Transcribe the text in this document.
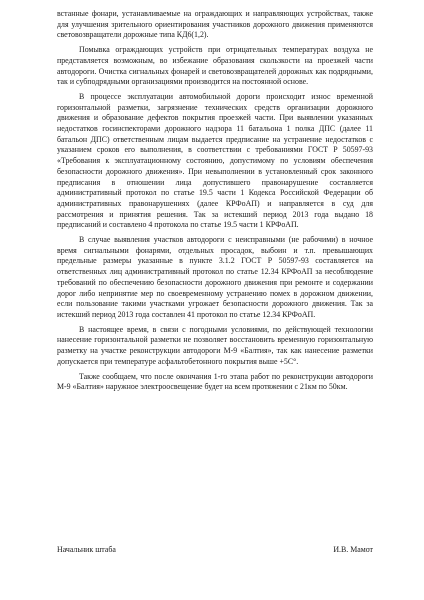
встанные фонари, устанавливаемые на ограждающих и направляющих устройствах, также для улучшения зрительного ориентирования участников дорожного движения применяются световозвращатели дорожные типа КД6(1,2).

Помывка ограждающих устройств при отрицательных температурах воздуха не представляется возможным, во избежание образования скользкости на проезжей части автодороги. Очистка сигнальных фонарей и световозвращателей дорожных как подрядными, так и субподрядными организациями производится на постоянной основе.

В процессе эксплуатации автомобильной дороги происходит износ временной горизонтальной разметки, загрязнение технических средств организации дорожного движения и образование дефектов покрытия проезжей части. При выявлении указанных недостатков госинспекторами дорожного надзора 11 батальона 1 полка ДПС (далее 11 батальон ДПС) ответственным лицам выдается предписание на устранение недостатков с указанием сроков его выполнения, в соответствии с требованиями ГОСТ Р 50597-93 «Требования к эксплуатационному состоянию, допустимому по условиям обеспечения безопасности дорожного движения». При невыполнении в установленный срок законного предписания в отношении лица допустившего правонарушение составляется административный протокол по статье 19.5 части 1 Кодекса Российской Федерации об административных правонарушениях (далее КРФоАП) и направляется в суд для рассмотрения и принятия решения. Так за истекший период 2013 года выдано 18 предписаний и составлено 4 протокола по статье 19.5 части 1 КРФоАП.

В случае выявления участков автодороги с неисправными (не рабочими) в ночное время сигнальными фонарями, отдельных просадок, выбоин и т.п. превышающих предельные размеры указанные в пункте 3.1.2 ГОСТ Р 50597-93 составляется на ответственных лиц административный протокол по статье 12.34 КРФоАП за несоблюдение требований по обеспечению безопасности дорожного движения при ремонте и содержании дорог либо непринятие мер по своевременному устранению помех в дорожном движении, если пользование такими участками угрожает безопасности дорожного движения. Так за истекший период 2013 года составлен 41 протокол по статье 12.34 КРФоАП.

В настоящее время, в связи с погодными условиями, по действующей технологии нанесение горизонтальной разметки не позволяет восстановить временную горизонтальную разметку на участке реконструкции автодороги М-9 «Балтия», так как нанесение разметки допускается при температуре асфальтобетонного покрытия выше +5С°.

Также сообщаем, что после окончания 1-го этапа работ по реконструкции автодороги М-9 «Балтия» наружное электроосвещение будет на всем протяжении с 21км по 50км.

Начальник штаба	И.В. Мамот
